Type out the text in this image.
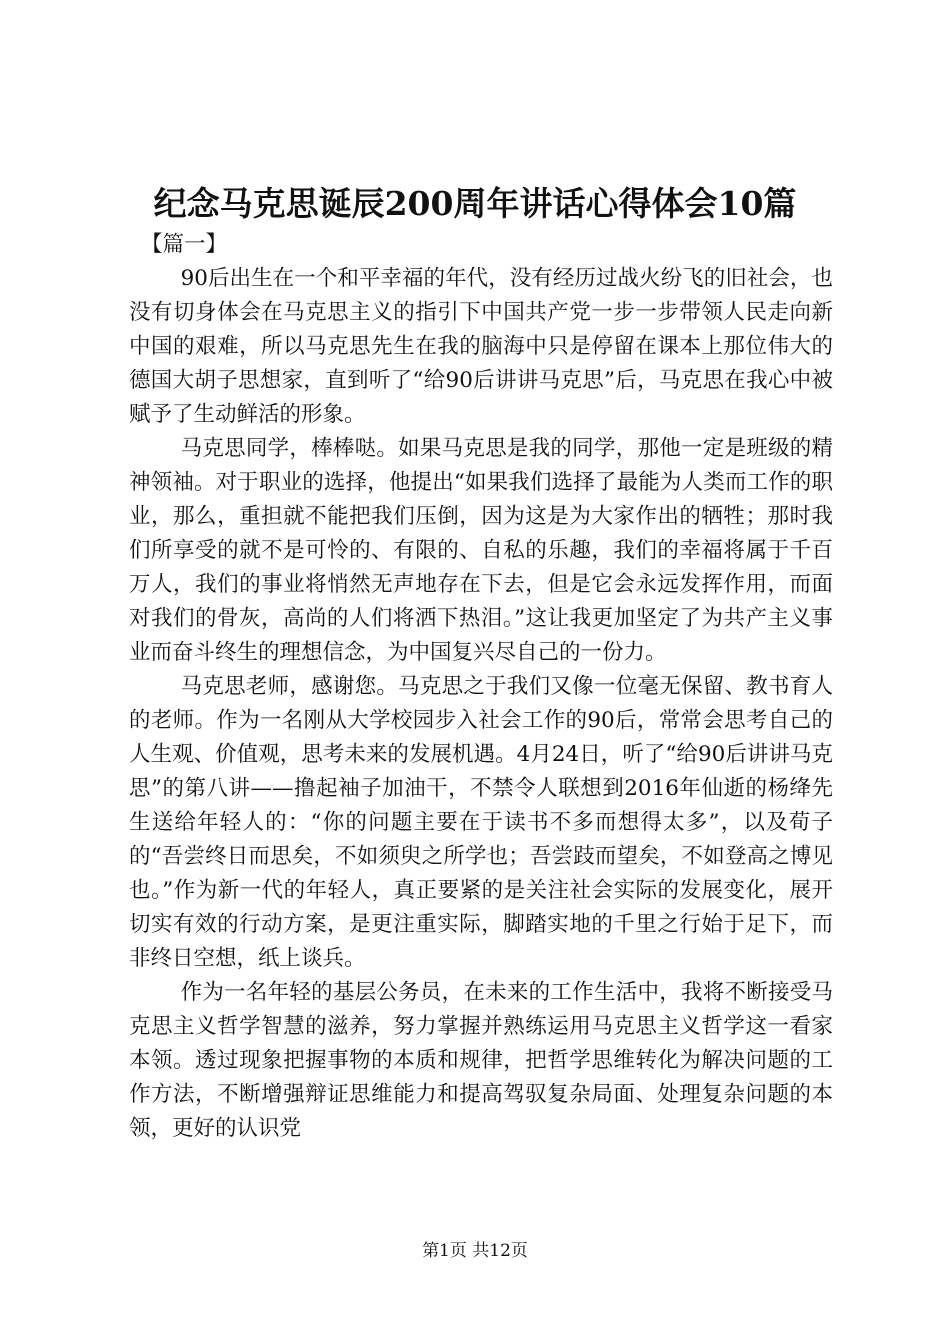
纪念马克思诞辰200周年讲话心得体会10篇
【篇一】

90后出生在一个和平幸福的年代，没有经历过战火纷飞的旧社会，也没有切身体会在马克思主义的指引下中国共产党一步一步带领人民走向新中国的艰难，所以马克思先生在我的脑海中只是停留在课本上那位伟大的德国大胡子思想家，直到听了“给90后讲讲马克思”后，马克思在我心中被赋予了生动鲜活的形象。

马克思同学，棒棒哒。如果马克思是我的同学，那他一定是班级的精神领袖。对于职业的选择，他提出“如果我们选择了最能为人类而工作的职业，那么，重担就不能把我们压倒，因为这是为大家作出的牺牲；那时我们所享受的就不是可怜的、有限的、自私的乐趣，我们的幸福将属于千百万人，我们的事业将悄然无声地存在下去，但是它会永远发挥作用，而面对我们的骨灰，高尚的人们将洒下热泪。”这让我更加坚定了为共产主义事业而奋斗终生的理想信念，为中国复兴尽自己的一份力。

马克思老师，感谢您。马克思之于我们又像一位毫无保留、教书育人的老师。作为一名刚从大学校园步入社会工作的90后，常常会思考自己的人生观、价值观，思考未来的发展机遇。4月24日，听了“给90后讲讲马克思”的第八讲——撸起袖子加油干，不禁令人联想到2016年仙逝的杨绛先生送给年轻人的：“你的问题主要在于读书不多而想得太多”，以及荀子的“吾尝终日而思矣，不如须臾之所学也；吾尝跂而望矣，不如登高之博见也。”作为新一代的年轻人，真正要紧的是关注社会实际的发展变化，展开切实有效的行动方案，是更注重实际，脚踏实地的千里之行始于足下，而非终日空想，纸上谈兵。

作为一名年轻的基层公务员，在未来的工作生活中，我将不断接受马克思主义哲学智慧的滋养，努力掌握并熟练运用马克思主义哲学这一看家本领。透过现象把握事物的本质和规律，把哲学思维转化为解决问题的工作方法，不断增强辩证思维能力和提高驾驭复杂局面、处理复杂问题的本领，更好的认识党

第1页 共12页
